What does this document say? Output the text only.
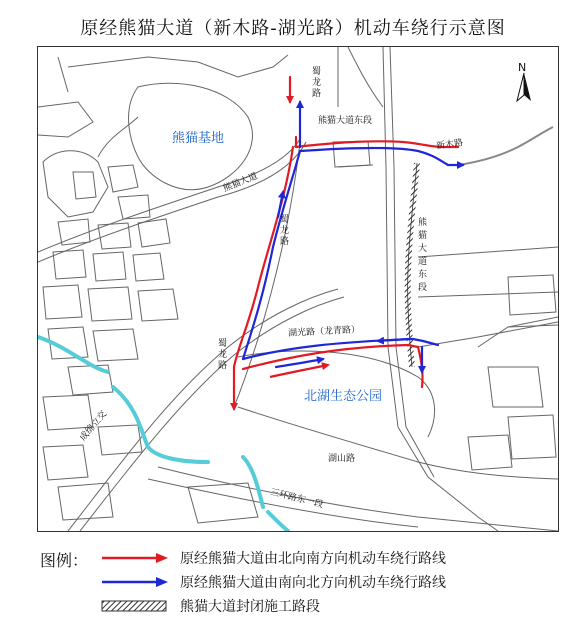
原经熊猫大道（新木路-湖光路）机动车绕行示意图
N
熊猫基地
北湖生态公园
蜀龙路
熊猫大道东段
新木路
熊猫大道
蜀龙路
熊猫大道东段
湖光路（龙青路）
蜀龙路
湖山路
成绵立交
三环路东一段
图例：	原经熊猫大道由北向南方向机动车绕行路线
原经熊猫大道由南向北方向机动车绕行路线
熊猫大道封闭施工路段
